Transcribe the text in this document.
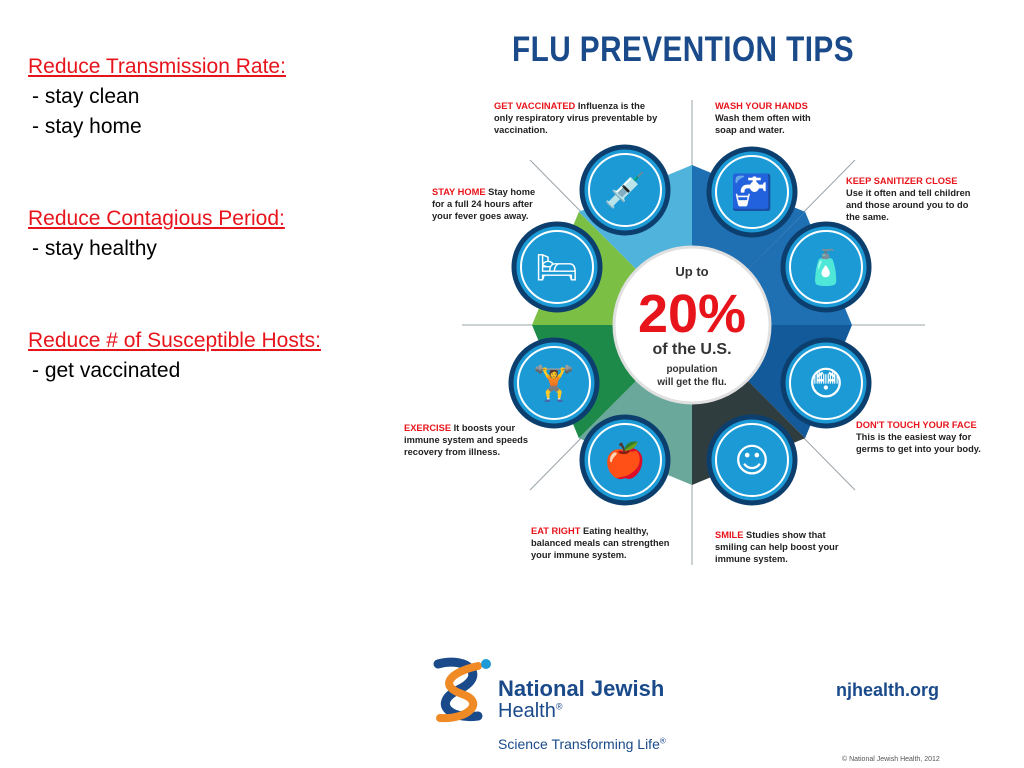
Reduce Transmission Rate:
- stay clean
- stay home
Reduce Contagious Period:
- stay healthy
Reduce # of Susceptible Hosts:
- get vaccinated
FLU PREVENTION TIPS
Up to
20%
of the U.S.
population
will get the flu.
💉 🚰
🧴
😳
☺
🍎
🏋
🛏
GET VACCINATED Influenza is the
only respiratory virus preventable by
vaccination.
WASH YOUR HANDS
Wash them often with
soap and water.
KEEP SANITIZER CLOSE
Use it often and tell children
and those around you to do
the same.
DON'T TOUCH YOUR FACE
This is the easiest way for
germs to get into your body.
SMILE Studies show that
smiling can help boost your
immune system.
EAT RIGHT Eating healthy,
balanced meals can strengthen
your immune system.
EXERCISE It boosts your
immune system and speeds
recovery from illness.
STAY HOME Stay home
for a full 24 hours after
your fever goes away.
National Jewish
Health®
Science Transforming Life®
njhealth.org
© National Jewish Health, 2012
